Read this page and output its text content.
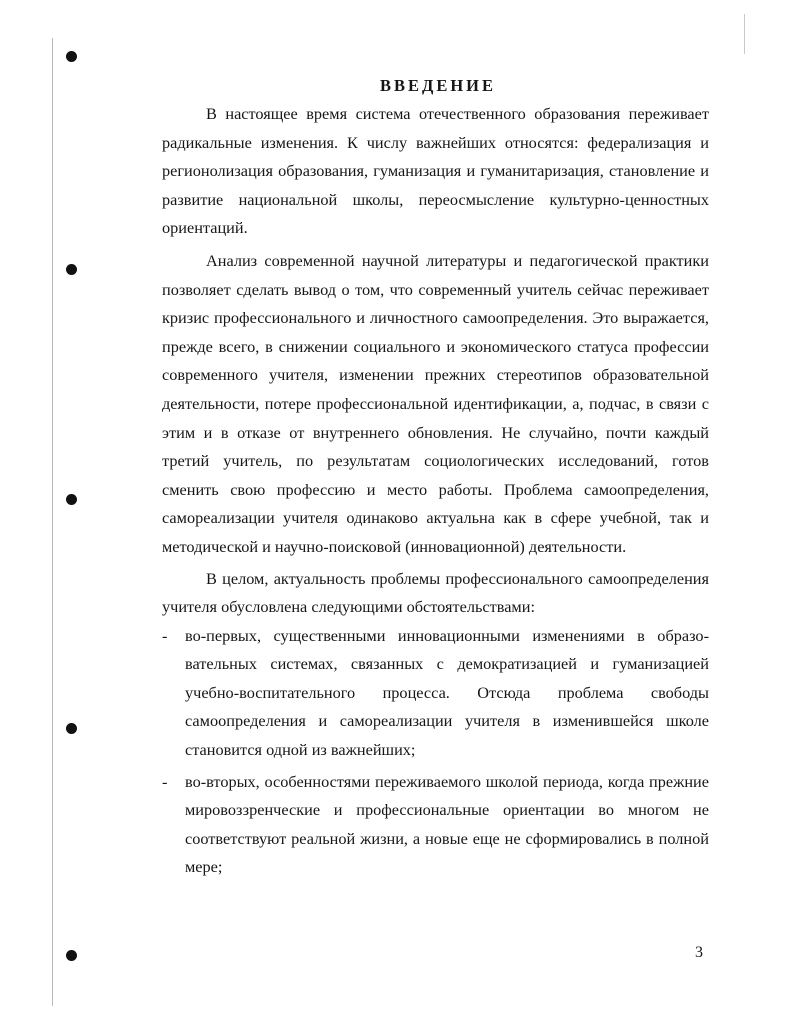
ВВЕДЕНИЕ

В настоящее время система отечественного образования переживает радикальные изменения. К числу важнейших относятся: федерализация и регионолизация образования, гуманизация и гуманитаризация, становление и развитие национальной школы, переосмысление культурно-ценностных ориентаций.

Анализ современной научной литературы и педагогической практики позволяет сделать вывод о том, что современный учитель сейчас переживает кризис профессионального и личностного самоопределения. Это выражается, прежде всего, в снижении социального и экономического статуса профессии современного учителя, изменении прежних стереотипов образовательной деятельности, потере профессиональной идентификации, а, подчас, в связи с этим и в отказе от внутреннего обновления. Не случайно, почти каждый третий учитель, по результатам социологических исследований, готов сменить свою профессию и место работы. Проблема самоопределения, самореализации учителя одинаково актуальна как в сфере учебной, так и методической и научно-поисковой (инновационной) деятельности.

В целом, актуальность проблемы профессионального самоопределения учителя обусловлена следующими обстоятельствами:

- во-первых, существенными инновационными изменениями в образовательных системах, связанных с демократизацией и гуманизацией учебно-воспитательного процесса. Отсюда проблема свободы самоопределения и самореализации учителя в изменившейся школе становится одной из важнейших;
- во-вторых, особенностями переживаемого школой периода, когда прежние мировоззренческие и профессиональные ориентации во многом не соответствуют реальной жизни, а новые еще не сформировались в полной мере;
3
